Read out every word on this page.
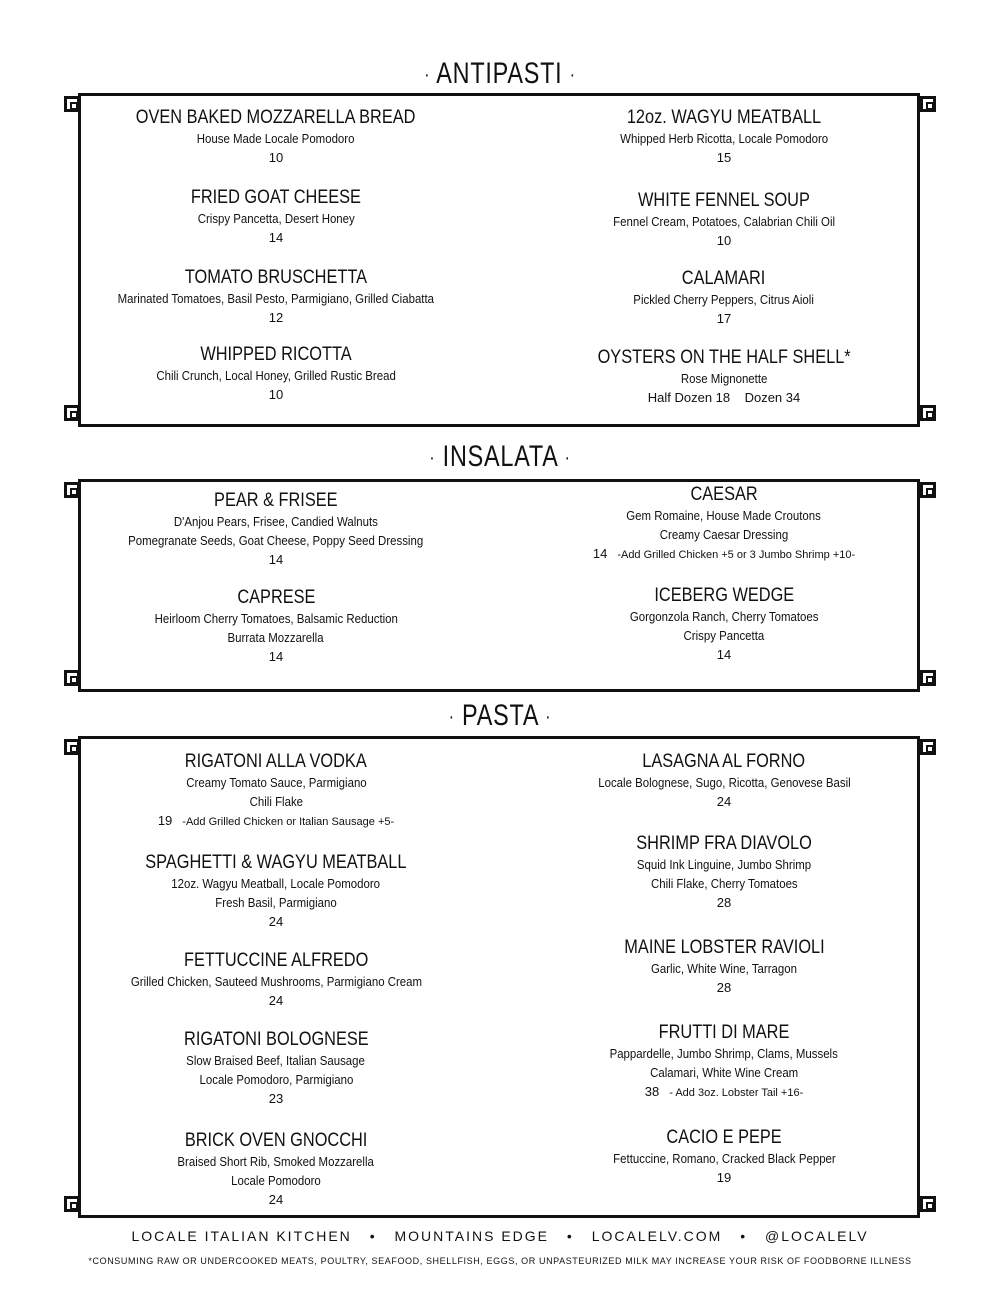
· ANTIPASTI ·
OVEN BAKED MOZZARELLA BREAD
House Made Locale Pomodoro
10
FRIED GOAT CHEESE
Crispy Pancetta, Desert Honey
14
TOMATO BRUSCHETTA
Marinated Tomatoes, Basil Pesto, Parmigiano, Grilled Ciabatta
12
WHIPPED RICOTTA
Chili Crunch, Local Honey, Grilled Rustic Bread
10
12oz. WAGYU MEATBALL
Whipped Herb Ricotta, Locale Pomodoro
15
WHITE FENNEL SOUP
Fennel Cream, Potatoes, Calabrian Chili Oil
10
CALAMARI
Pickled Cherry Peppers, Citrus Aioli
17
OYSTERS ON THE HALF SHELL*
Rose Mignonette
Half Dozen 18    Dozen 34
· INSALATA ·
PEAR & FRISEE
D'Anjou Pears, Frisee, Candied Walnuts
Pomegranate Seeds, Goat Cheese, Poppy Seed Dressing
14
CAPRESE
Heirloom Cherry Tomatoes, Balsamic Reduction
Burrata Mozzarella
14
CAESAR
Gem Romaine, House Made Croutons
Creamy Caesar Dressing
14 -Add Grilled Chicken +5 or 3 Jumbo Shrimp +10-
ICEBERG WEDGE
Gorgonzola Ranch, Cherry Tomatoes
Crispy Pancetta
14
· PASTA ·
RIGATONI ALLA VODKA
Creamy Tomato Sauce, Parmigiano
Chili Flake
19 -Add Grilled Chicken or Italian Sausage +5-
SPAGHETTI & WAGYU MEATBALL
12oz. Wagyu Meatball, Locale Pomodoro
Fresh Basil, Parmigiano
24
FETTUCCINE ALFREDO
Grilled Chicken, Sauteed Mushrooms, Parmigiano Cream
24
RIGATONI BOLOGNESE
Slow Braised Beef, Italian Sausage
Locale Pomodoro, Parmigiano
23
BRICK OVEN GNOCCHI
Braised Short Rib, Smoked Mozzarella
Locale Pomodoro
24
LASAGNA AL FORNO
Locale Bolognese, Sugo, Ricotta, Genovese Basil
24
SHRIMP FRA DIAVOLO
Squid Ink Linguine, Jumbo Shrimp
Chili Flake, Cherry Tomatoes
28
MAINE LOBSTER RAVIOLI
Garlic, White Wine, Tarragon
28
FRUTTI DI MARE
Pappardelle, Jumbo Shrimp, Clams, Mussels
Calamari, White Wine Cream
38 - Add 3oz. Lobster Tail +16-
CACIO E PEPE
Fettuccine, Romano, Cracked Black Pepper
19
LOCALE ITALIAN KITCHEN • MOUNTAINS EDGE • LOCALELV.COM • @LOCALELV
*CONSUMING RAW OR UNDERCOOKED MEATS, POULTRY, SEAFOOD, SHELLFISH, EGGS, OR UNPASTEURIZED MILK MAY INCREASE YOUR RISK OF FOODBORNE ILLNESS
